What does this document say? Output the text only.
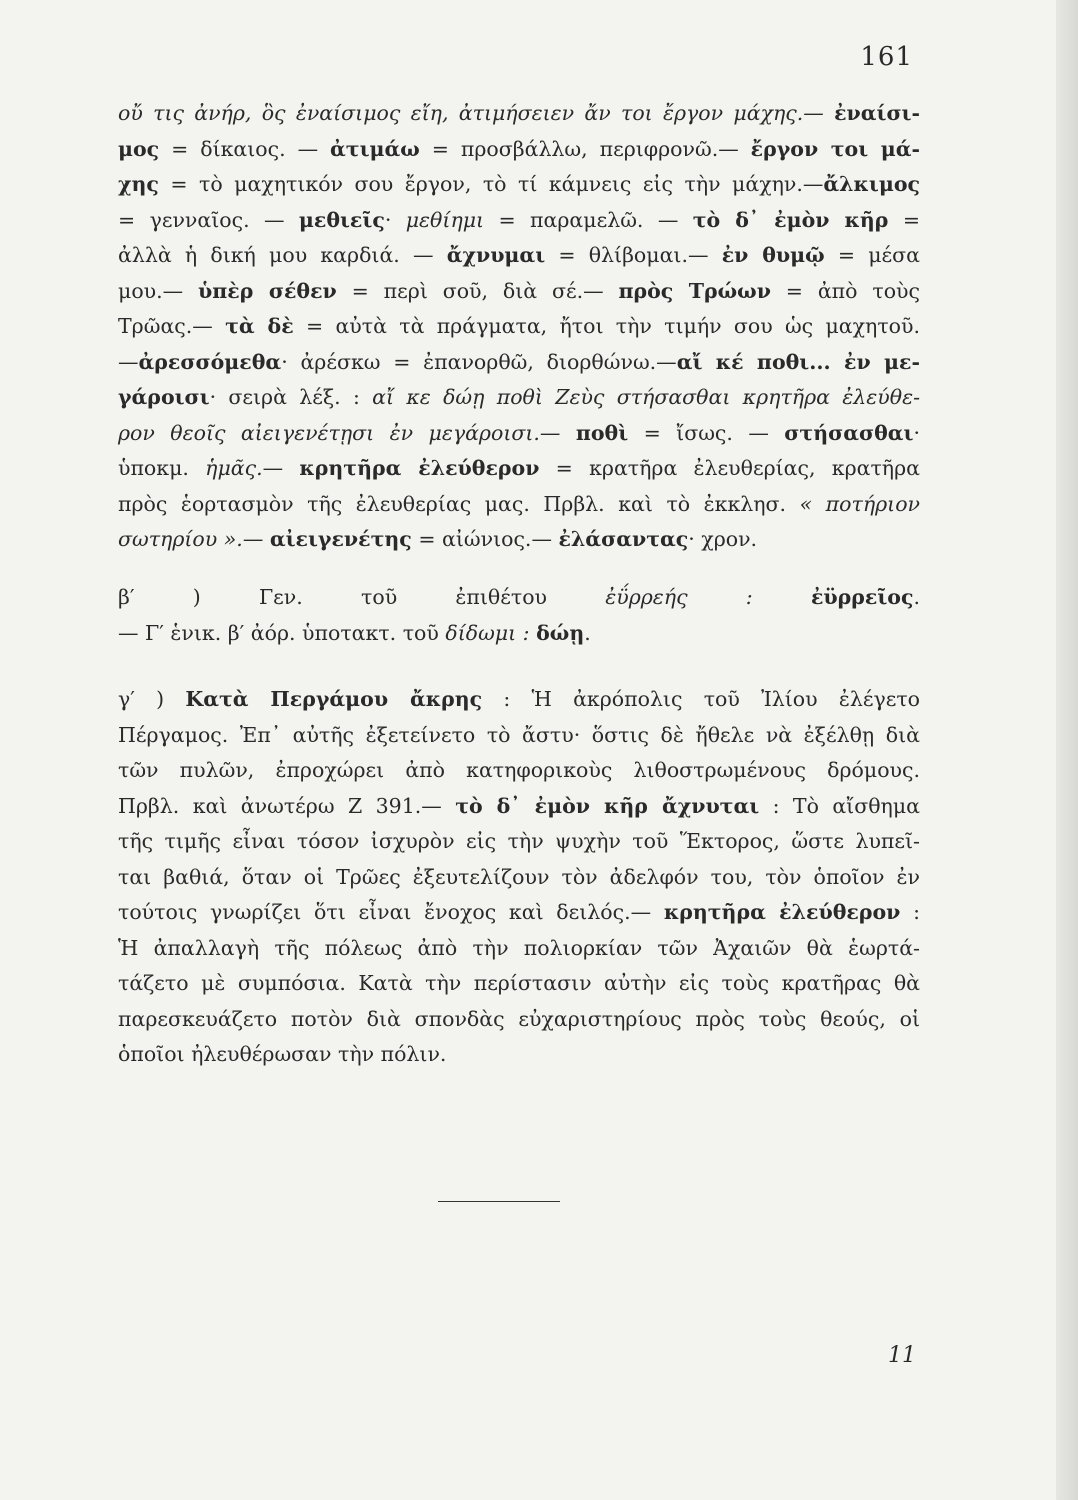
161
οὔ τις ἀνήρ, ὃς ἐναίσιμος εἴη, ἀτιμήσειεν ἄν τοι ἔργον μάχης.— ἐναίσι-
μος = δίκαιος. — ἀτιμάω = προσβάλλω, περιφρονῶ.— ἔργον τοι μά-
χης = τὸ μαχητικόν σου ἔργον, τὸ τί κάμνεις εἰς τὴν μάχην.—ἄλκιμος
= γενναῖος. — μεθιεῖς· μεθίημι = παραμελῶ. — τὸ δ᾽ ἐμὸν κῆρ =
ἀλλὰ ἡ δική μου καρδιά. — ἄχνυμαι = θλίβομαι.— ἐν θυμῷ = μέσα
μου.— ὑπὲρ σέθεν = περὶ σοῦ, διὰ σέ.— πρὸς Τρώων = ἀπὸ τοὺς
Τρῶας.— τὰ δὲ = αὐτὰ τὰ πράγματα, ἤτοι τὴν τιμήν σου ὡς μαχητοῦ.
—ἀρεσσόμεθα· ἀρέσκω = ἐπανορθῶ, διορθώνω.—αἴ κέ ποθι... ἐν με-
γάροισι· σειρὰ λέξ. : αἴ κε δώῃ ποθὶ Ζεὺς στήσασθαι κρητῆρα ἐλεύθε-
ρον θεοῖς αἰειγενέτῃσι ἐν μεγάροισι.— ποθὶ = ἴσως. — στήσασθαι·
ὑποκμ. ἡμᾶς.— κρητῆρα ἐλεύθερον = κρατῆρα ἐλευθερίας, κρατῆρα
πρὸς ἑορτασμὸν τῆς ἐλευθερίας μας. Πρβλ. καὶ τὸ ἐκκλησ. « ποτήριον
σωτηρίου ».— αἰειγενέτης = αἰώνιος.— ἐλάσαντας· χρον.
β′ ) Γεν. τοῦ ἐπιθέτου ἐΰρρεής :	ἐϋρρεῖος.
— Γ′ ἑνικ. β′ ἀόρ. ὑποτακτ. τοῦ δίδωμι : δώῃ.
γ′ ) Κατὰ Περγάμου ἄκρης : Ἡ ἀκρόπολις τοῦ Ἰλίου ἐλέγετο
Πέργαμος. Ἐπ᾽ αὐτῆς ἐξετείνετο τὸ ἄστυ· ὅστις δὲ ἤθελε νὰ ἐξέλθῃ διὰ
τῶν πυλῶν, ἐπροχώρει ἀπὸ κατηφορικοὺς λιθοστρωμένους δρόμους.
Πρβλ. καὶ ἀνωτέρω Ζ 391.— τὸ δ᾽ ἐμὸν κῆρ ἄχνυται : Τὸ αἴσθημα
τῆς τιμῆς εἶναι τόσον ἰσχυρὸν εἰς τὴν ψυχὴν τοῦ Ἕκτορος, ὥστε λυπεῖ-
ται βαθιά, ὅταν οἱ Τρῶες ἐξευτελίζουν τὸν ἀδελφόν του, τὸν ὁποῖον ἐν
τούτοις γνωρίζει ὅτι εἶναι ἔνοχος καὶ δειλός.— κρητῆρα ἐλεύθερον :
Ἡ ἀπαλλαγὴ τῆς πόλεως ἀπὸ τὴν πολιορκίαν τῶν Ἀχαιῶν θὰ ἑωρτά-
τάζετο μὲ συμπόσια. Κατὰ τὴν περίστασιν αὐτὴν εἰς τοὺς κρατῆρας θὰ
παρεσκευάζετο ποτὸν διὰ σπονδὰς εὐχαριστηρίους πρὸς τοὺς θεούς, οἱ
ὁποῖοι ἠλευθέρωσαν τὴν πόλιν.
11
